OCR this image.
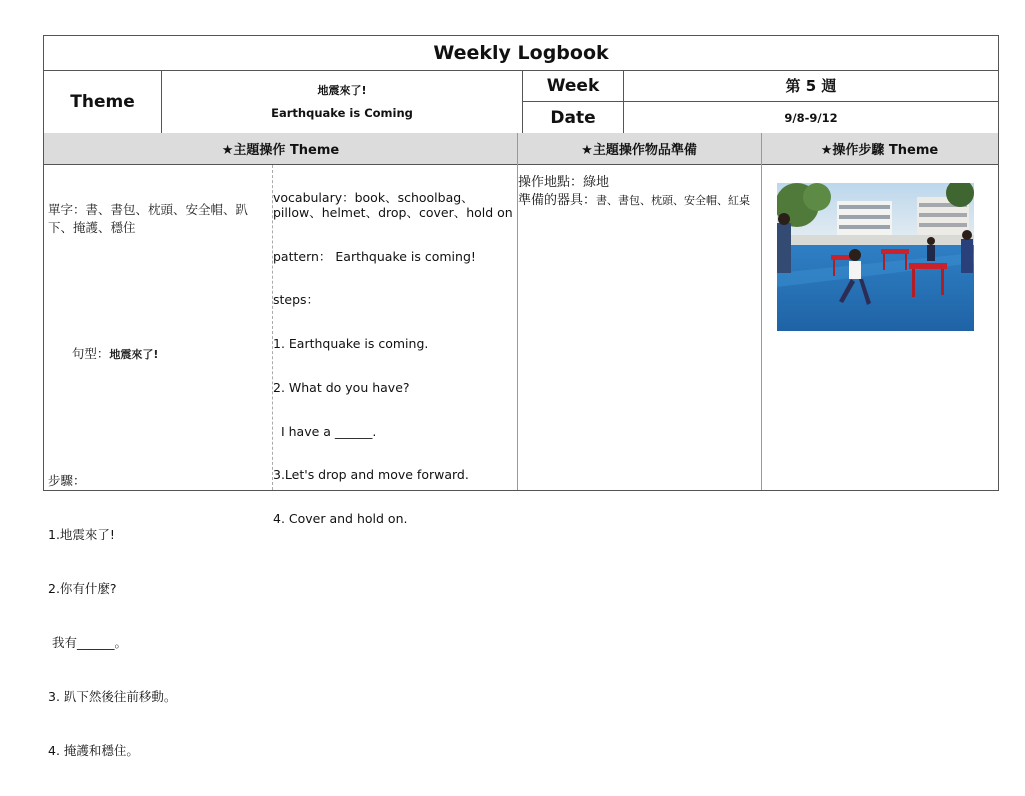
Weekly Logbook
Theme
地震來了!
Earthquake is Coming
Week	第 5 週
Date	9/8-9/12
★主題操作 Theme	★主題操作物品準備	★操作步驟 Theme

單字：書、書包、枕頭、安全帽、趴下、掩護、穩住

句型：地震來了!

步驟：

1.地震來了!

2.你有什麼?

我有______。

3. 趴下然後往前移動。

4. 掩護和穩住。

vocabulary：book、schoolbag、pillow、helmet、drop、cover、hold on

pattern： Earthquake is coming!

steps：

1. Earthquake is coming.

2. What do you have?

I have a ______.

3.Let's drop and move forward.

4. Cover and hold on.

操作地點：綠地
準備的器具：書、書包、枕頭、安全帽、紅桌
